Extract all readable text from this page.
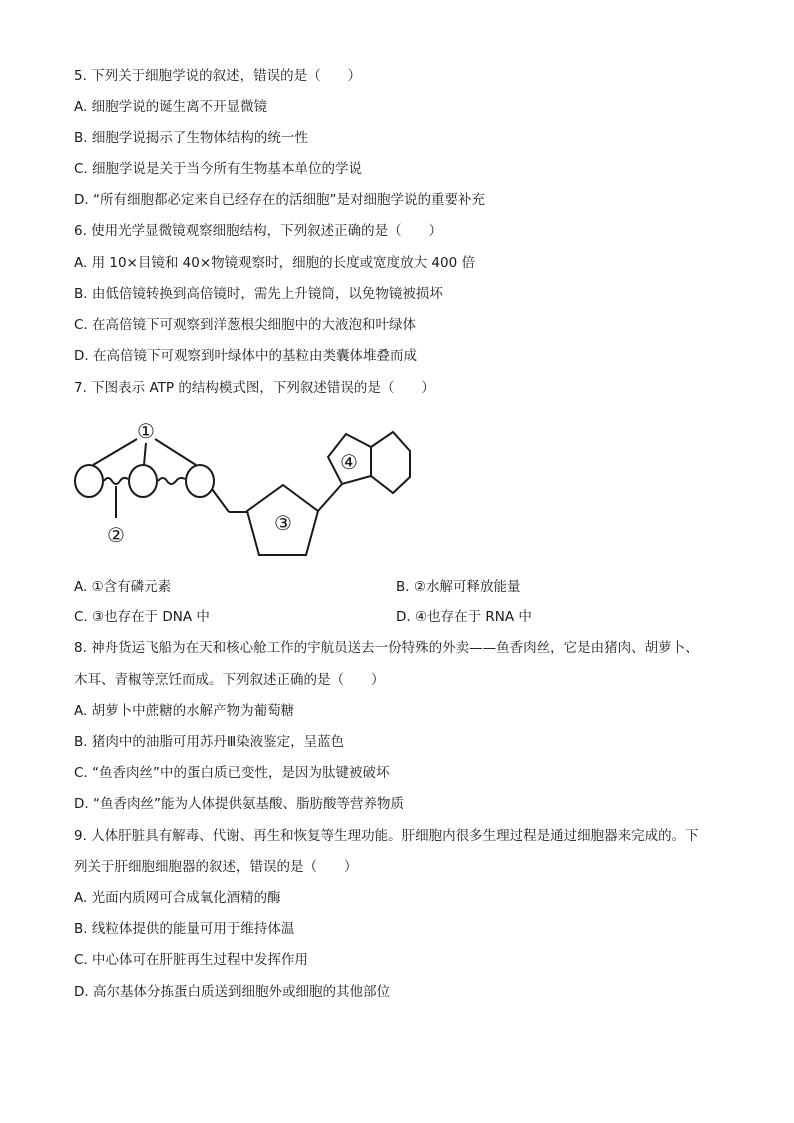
5. 下列关于细胞学说的叙述，错误的是（　　）
A. 细胞学说的诞生离不开显微镜
B. 细胞学说揭示了生物体结构的统一性
C. 细胞学说是关于当今所有生物基本单位的学说
D. “所有细胞都必定来自已经存在的活细胞”是对细胞学说的重要补充
6. 使用光学显微镜观察细胞结构，下列叙述正确的是（　　）
A. 用 10×目镜和 40×物镜观察时，细胞的长度或宽度放大 400 倍
B. 由低倍镜转换到高倍镜时，需先上升镜筒，以免物镜被损坏
C. 在高倍镜下可观察到洋葱根尖细胞中的大液泡和叶绿体
D. 在高倍镜下可观察到叶绿体中的基粒由类囊体堆叠而成
7. 下图表示 ATP 的结构模式图，下列叙述错误的是（　　）
①
②	③
④
A. ①含有磷元素	B. ②水解可释放能量
C. ③也存在于 DNA 中	D. ④也存在于 RNA 中
8. 神舟货运飞船为在天和核心舱工作的宇航员送去一份特殊的外卖——鱼香肉丝，它是由猪肉、胡萝卜、
木耳、青椒等烹饪而成。下列叙述正确的是（　　）
A. 胡萝卜中蔗糖的水解产物为葡萄糖
B. 猪肉中的油脂可用苏丹Ⅲ染液鉴定，呈蓝色
C. “鱼香肉丝”中的蛋白质已变性，是因为肽键被破坏
D. “鱼香肉丝”能为人体提供氨基酸、脂肪酸等营养物质
9. 人体肝脏具有解毒、代谢、再生和恢复等生理功能。肝细胞内很多生理过程是通过细胞器来完成的。下
列关于肝细胞细胞器的叙述，错误的是（　　）
A. 光面内质网可合成氧化酒精的酶
B. 线粒体提供的能量可用于维持体温
C. 中心体可在肝脏再生过程中发挥作用
D. 高尔基体分拣蛋白质送到细胞外或细胞的其他部位
